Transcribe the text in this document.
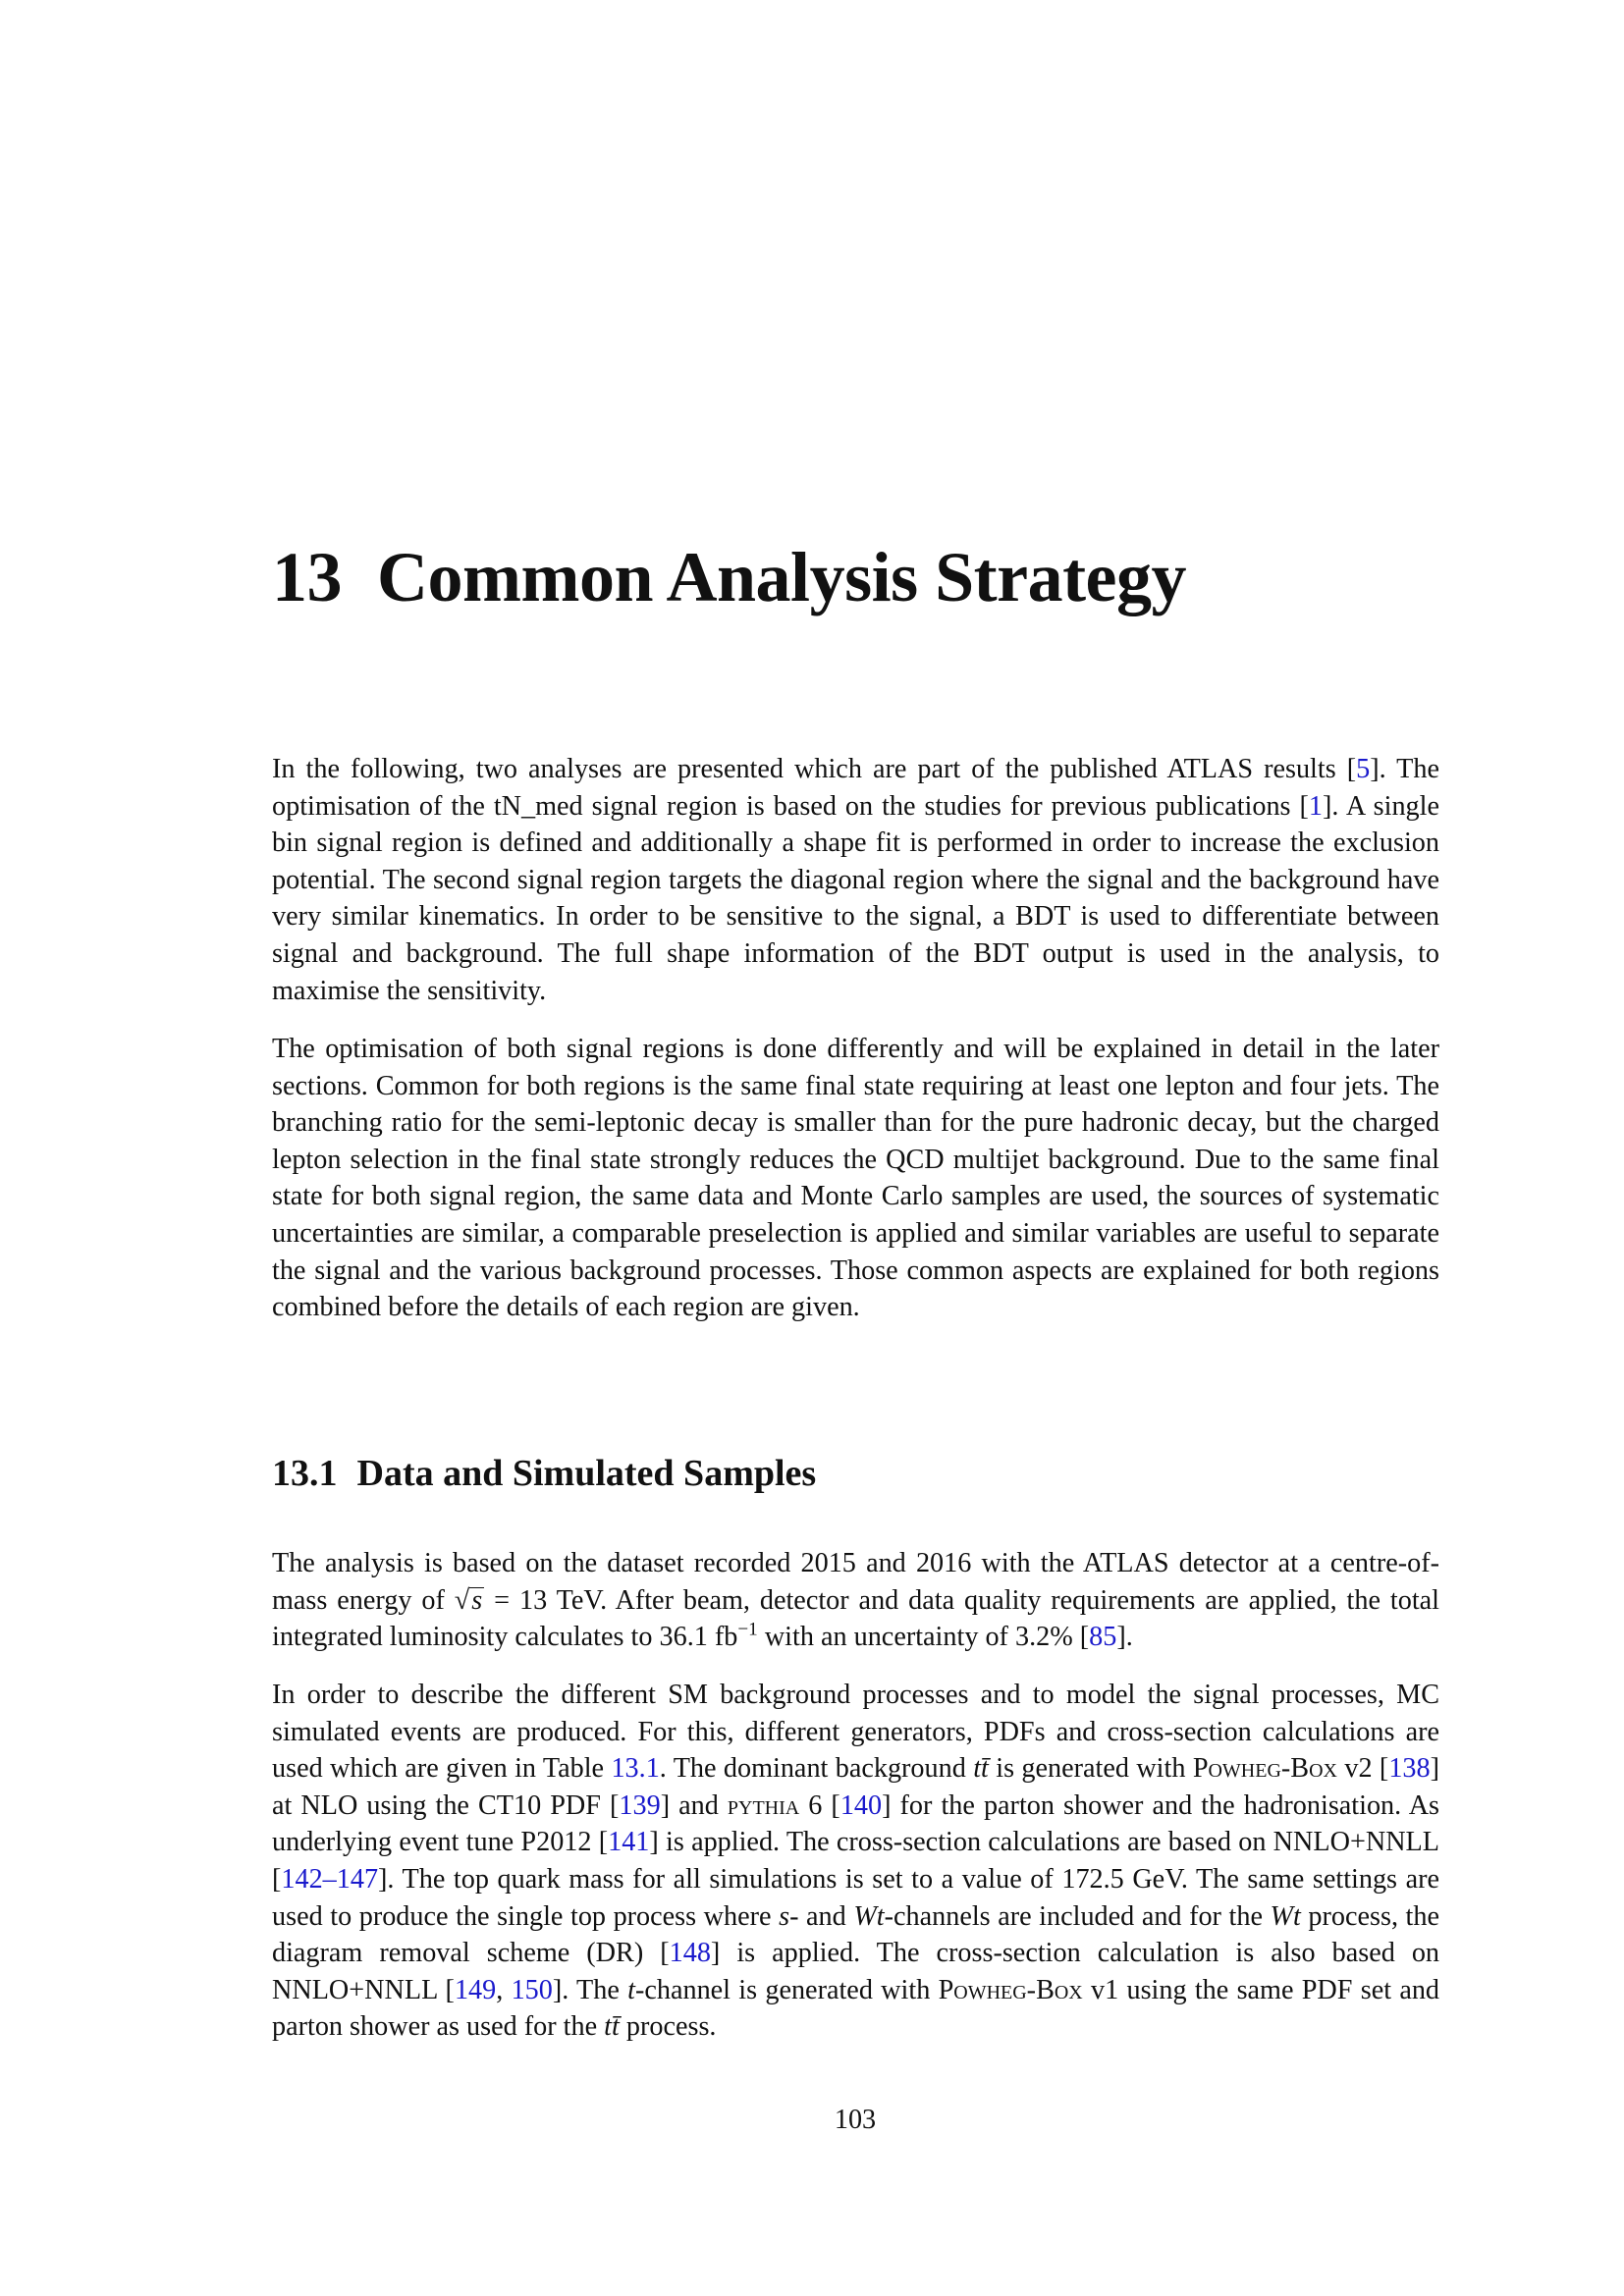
13 Common Analysis Strategy

In the following, two analyses are presented which are part of the published ATLAS results [5]. The optimisation of the tN_med signal region is based on the studies for previous publications [1]. A single bin signal region is defined and additionally a shape fit is performed in order to increase the exclusion potential. The second signal region targets the diagonal region where the signal and the background have very similar kinematics. In order to be sensitive to the signal, a BDT is used to differentiate between signal and background. The full shape information of the BDT output is used in the analysis, to maximise the sensitivity.

The optimisation of both signal regions is done differently and will be explained in detail in the later sections. Common for both regions is the same final state requiring at least one lepton and four jets. The branching ratio for the semi-leptonic decay is smaller than for the pure hadronic decay, but the charged lepton selection in the final state strongly reduces the QCD multijet background. Due to the same final state for both signal region, the same data and Monte Carlo samples are used, the sources of systematic uncertainties are similar, a comparable preselection is applied and similar variables are useful to separate the signal and the various background processes. Those common aspects are explained for both regions combined before the details of each region are given.

13.1 Data and Simulated Samples

The analysis is based on the dataset recorded 2015 and 2016 with the ATLAS detector at a centre-of-mass energy of √s = 13 TeV. After beam, detector and data quality requirements are applied, the total integrated luminosity calculates to 36.1 $fb^{-1}$ with an uncertainty of 3.2% [85].

In order to describe the different SM background processes and to model the signal processes, MC simulated events are produced. For this, different generators, PDFs and cross-section calculations are used which are given in Table 13.1. The dominant background tt̄ is generated with Powheg-Box v2 [138] at NLO using the CT10 PDF [139] and pythia 6 [140] for the parton shower and the hadronisation. As underlying event tune P2012 [141] is applied. The cross-section calculations are based on NNLO+NNLL [142–147]. The top quark mass for all simulations is set to a value of 172.5 GeV. The same settings are used to produce the single top process where s- and Wt-channels are included and for the Wt process, the diagram removal scheme (DR) [148] is applied. The cross-section calculation is also based on NNLO+NNLL [149, 150]. The t-channel is generated with Powheg-Box v1 using the same PDF set and parton shower as used for the tt̄ process.

103
